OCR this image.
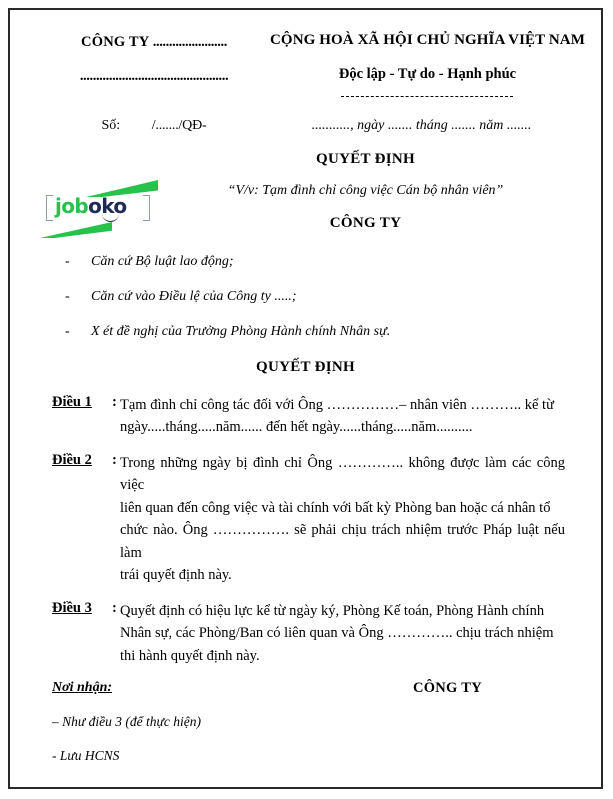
CÔNG TY .......................
..............................................
CỘNG HOÀ XÃ HỘI CHỦ NGHĨA VIỆT NAM
Độc lập - Tự do - Hạnh phúc
Số: /......./QĐ-	..........., ngày ....... tháng ....... năm .......
joboko
QUYẾT ĐỊNH
“V/v: Tạm đình chỉ công việc Cán bộ nhân viên”
CÔNG TY
-	Căn cứ Bộ luật lao động;
-	Căn cứ vào Điều lệ của Công ty .....;
-	X ét đề nghị của Trưởng Phòng Hành chính Nhân sự.
QUYẾT ĐỊNH
Điều 1	: Tạm đình chỉ công tác đối với Ông ……………– nhân viên ……….. kể từ
ngày.....tháng.....năm...... đến hết ngày......tháng.....năm..........
Điều 2	: Trong những ngày bị đình chỉ Ông ………….. không được làm các công việc
liên quan đến công việc và tài chính với bất kỳ Phòng ban hoặc cá nhân tổ
chức nào. Ông ……………. sẽ phải chịu trách nhiệm trước Pháp luật nếu làm
trái quyết định này.
Điều 3	: Quyết định có hiệu lực kể từ ngày ký, Phòng Kế toán, Phòng Hành chính
Nhân sự, các Phòng/Ban có liên quan và Ông ………….. chịu trách nhiệm
thi hành quyết định này.
Nơi nhận:
– Như điều 3 (để thực hiện)
- Lưu HCNS
CÔNG TY
